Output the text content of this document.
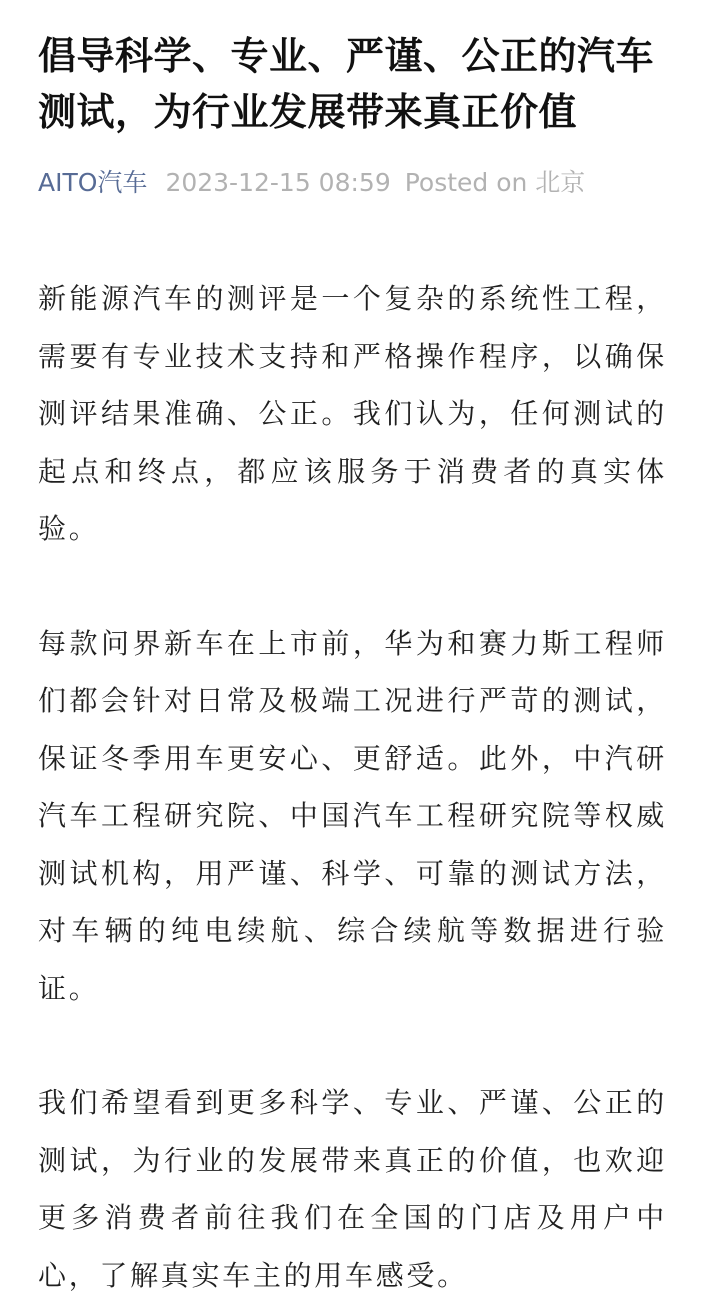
倡导科学、专业、严谨、公正的汽车测试，为行业发展带来真正价值
AITO汽车 2023-12-15 08:59 Posted on 北京

新能源汽车的测评是一个复杂的系统性工程，需要有专业技术支持和严格操作程序，以确保测评结果准确、公正。我们认为，任何测试的起点和终点，都应该服务于消费者的真实体验。

每款问界新车在上市前，华为和赛力斯工程师们都会针对日常及极端工况进行严苛的测试，保证冬季用车更安心、更舒适。此外，中汽研汽车工程研究院、中国汽车工程研究院等权威测试机构，用严谨、科学、可靠的测试方法，对车辆的纯电续航、综合续航等数据进行验证。

我们希望看到更多科学、专业、严谨、公正的测试，为行业的发展带来真正的价值，也欢迎更多消费者前往我们在全国的门店及用户中心，了解真实车主的用车感受。
